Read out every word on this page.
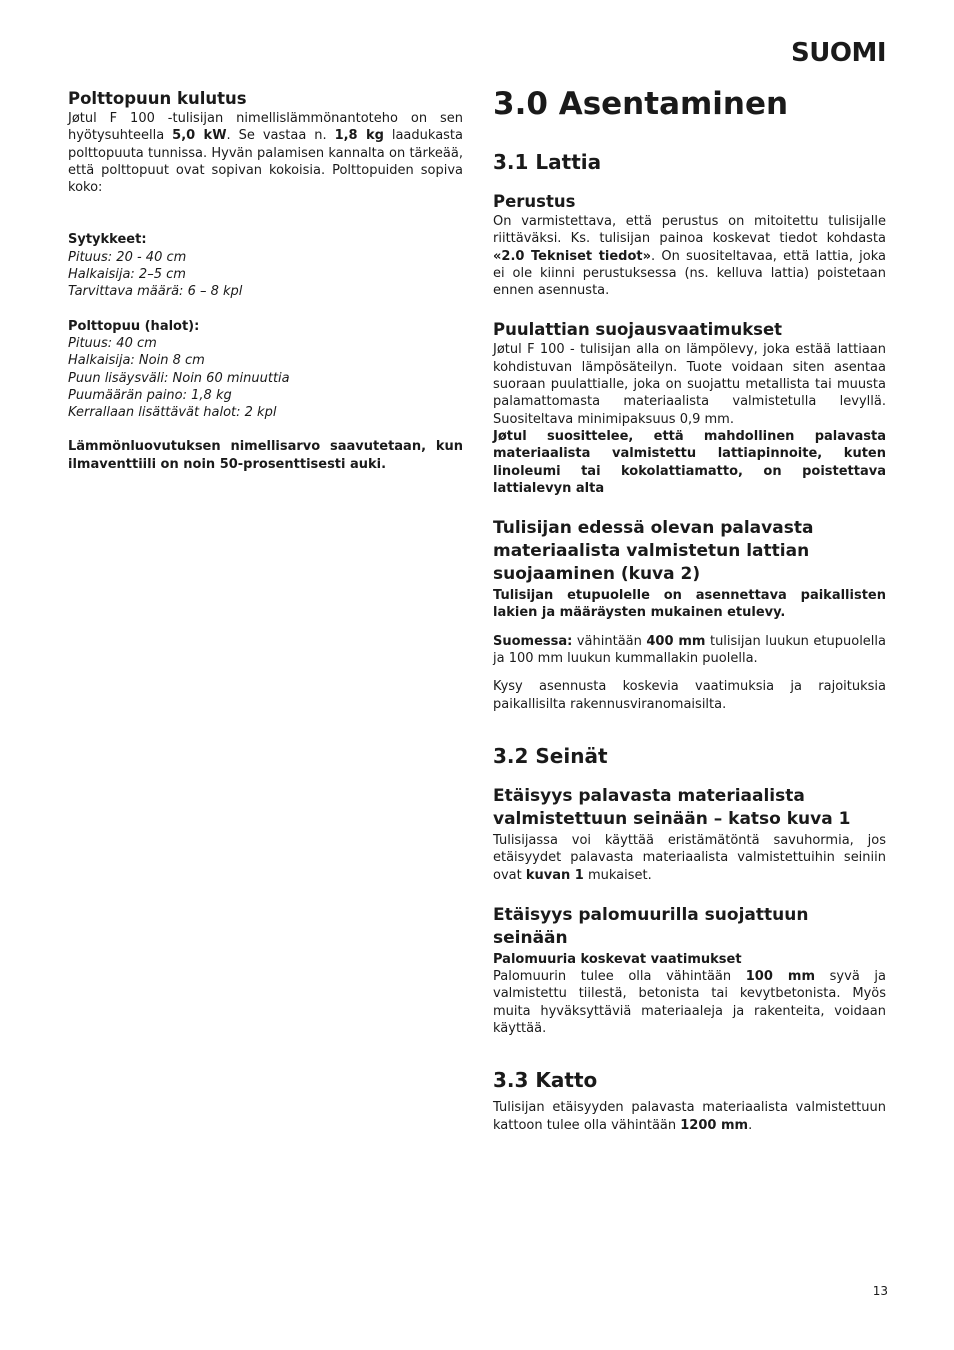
SUOMI
Polttopuun kulutus

Jøtul F 100 -tulisijan nimellislämmönantoteho on sen hyötysuhteella 5,0 kW. Se vastaa n. 1,8 kg laadukasta polttopuuta tunnissa. Hyvän palamisen kannalta on tärkeää, että polttopuut ovat sopivan kokoisia. Polttopuiden sopiva koko:

Sytykkeet:
Pituus: 20 - 40 cm
Halkaisija: 2–5 cm
Tarvittava määrä: 6 – 8 kpl
Polttopuu (halot):
Pituus: 40 cm
Halkaisija: Noin 8 cm
Puun lisäysväli: Noin 60 minuuttia
Puumäärän paino: 1,8 kg
Kerrallaan lisättävät halot: 2 kpl

Lämmönluovutuksen nimellisarvo saavutetaan, kun ilmaventtiili on noin 50-prosenttisesti auki.

3.0 Asentaminen
3.1 Lattia
Perustus

On varmistettava, että perustus on mitoitettu tulisijalle riittäväksi. Ks. tulisijan painoa koskevat tiedot kohdasta «2.0 Tekniset tiedot». On suositeltavaa, että lattia, joka ei ole kiinni perustuksessa (ns. kelluva lattia) poistetaan ennen asennusta.

Puulattian suojausvaatimukset

Jøtul F 100 - tulisijan alla on lämpölevy, joka estää lattiaan kohdistuvan lämpösäteilyn. Tuote voidaan siten asentaa suoraan puulattialle, joka on suojattu metallista tai muusta palamattomasta materiaalista valmistetulla levyllä. Suositeltava minimipaksuus 0,9 mm.

Jøtul suosittelee, että mahdollinen palavasta materiaalista valmistettu lattiapinnoite, kuten linoleumi tai kokolattiamatto, on poistettava lattialevyn alta

Tulisijan edessä olevan palavasta materiaalista valmistetun lattian suojaaminen (kuva 2)

Tulisijan etupuolelle on asennettava paikallisten lakien ja määräysten mukainen etulevy.

Suomessa: vähintään 400 mm tulisijan luukun etupuolella ja 100 mm luukun kummallakin puolella.

Kysy asennusta koskevia vaatimuksia ja rajoituksia paikallisilta rakennusviranomaisilta.

3.2 Seinät
Etäisyys palavasta materiaalista
valmistettuun seinään – katso kuva 1

Tulisijassa voi käyttää eristämätöntä savuhormia, jos etäisyydet palavasta materiaalista valmistettuihin seiniin ovat kuvan 1 mukaiset.

Etäisyys palomuurilla suojattuun seinään
Palomuuria koskevat vaatimukset

Palomuurin tulee olla vähintään 100 mm syvä ja valmistettu tiilestä, betonista tai kevytbetonista. Myös muita hyväksyttäviä materiaaleja ja rakenteita, voidaan käyttää.

3.3 Katto

Tulisijan etäisyyden palavasta materiaalista valmistettuun kattoon tulee olla vähintään 1200 mm.

13
